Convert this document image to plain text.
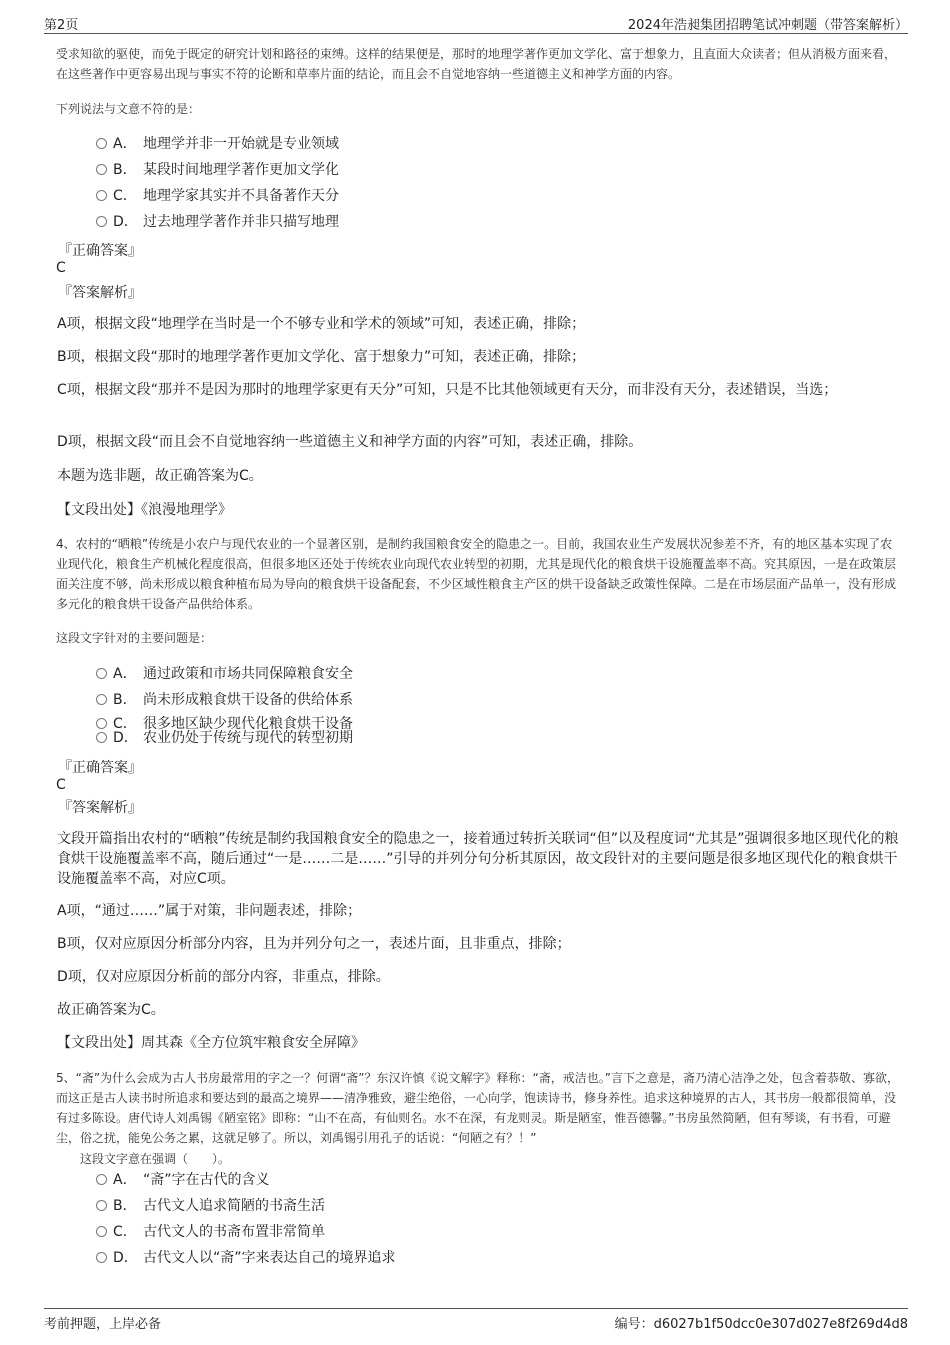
第2页	2024年浩昶集团招聘笔试冲刺题（带答案解析）
受求知欲的驱使，而免于既定的研究计划和路径的束缚。这样的结果便是，那时的地理学著作更加文学化、富于想象力，且直面大众读者；但从消极方面来看，在这些著作中更容易出现与事实不符的论断和草率片面的结论，而且会不自觉地容纳一些道德主义和神学方面的内容。
下列说法与文意不符的是：
A． 地理学并非一开始就是专业领域
B． 某段时间地理学著作更加文学化
C． 地理学家其实并不具备著作天分
D． 过去地理学著作并非只描写地理
『正确答案』
C
『答案解析』
A项，根据文段“地理学在当时是一个不够专业和学术的领域”可知，表述正确，排除；
B项，根据文段“那时的地理学著作更加文学化、富于想象力”可知，表述正确，排除；
C项，根据文段“那并不是因为那时的地理学家更有天分”可知，只是不比其他领域更有天分，而非没有天分，表述错误，当选；
D项，根据文段“而且会不自觉地容纳一些道德主义和神学方面的内容”可知，表述正确，排除。
本题为选非题，故正确答案为C。
【文段出处】《浪漫地理学》
4、农村的“晒粮”传统是小农户与现代农业的一个显著区别，是制约我国粮食安全的隐患之一。目前，我国农业生产发展状况参差不齐，有的地区基本实现了农业现代化，粮食生产机械化程度很高，但很多地区还处于传统农业向现代农业转型的初期，尤其是现代化的粮食烘干设施覆盖率不高。究其原因，一是在政策层面关注度不够，尚未形成以粮食种植布局为导向的粮食烘干设备配套，不少区域性粮食主产区的烘干设备缺乏政策性保障。二是在市场层面产品单一，没有形成多元化的粮食烘干设备产品供给体系。
这段文字针对的主要问题是：
A． 通过政策和市场共同保障粮食安全
B． 尚未形成粮食烘干设备的供给体系
C． 很多地区缺少现代化粮食烘干设备
D． 农业仍处于传统与现代的转型初期
『正确答案』
C
『答案解析』
文段开篇指出农村的“晒粮”传统是制约我国粮食安全的隐患之一，接着通过转折关联词“但”以及程度词“尤其是”强调很多地区现代化的粮食烘干设施覆盖率不高，随后通过“一是……二是……”引导的并列分句分析其原因，故文段针对的主要问题是很多地区现代化的粮食烘干设施覆盖率不高，对应C项。
A项，“通过……”属于对策，非问题表述，排除；
B项，仅对应原因分析部分内容，且为并列分句之一，表述片面，且非重点，排除；
D项，仅对应原因分析前的部分内容，非重点，排除。
故正确答案为C。
【文段出处】周其森《全方位筑牢粮食安全屏障》
5、“斋”为什么会成为古人书房最常用的字之一？何谓“斋”？东汉许慎《说文解字》释称：“斋，戒洁也。”言下之意是，斋乃清心洁净之处，包含着恭敬、寡欲，而这正是古人读书时所追求和要达到的最高之境界——清净雅致，避尘绝俗，一心向学，饱读诗书，修身养性。追求这种境界的古人，其书房一般都很简单，没有过多陈设。唐代诗人刘禹锡《陋室铭》即称：“山不在高，有仙则名。水不在深，有龙则灵。斯是陋室，惟吾德馨。”书房虽然简陋，但有琴谈，有书看，可避尘，俗之扰，能免公务之累，这就足够了。所以，刘禹锡引用孔子的话说：“何陋之有？！”
这段文字意在强调（　　）。
A． “斋”字在古代的含义
B． 古代文人追求简陋的书斋生活
C． 古代文人的书斋布置非常简单
D． 古代文人以“斋”字来表达自己的境界追求
考前押题，上岸必备	编号：d6027b1f50dcc0e307d027e8f269d4d8
